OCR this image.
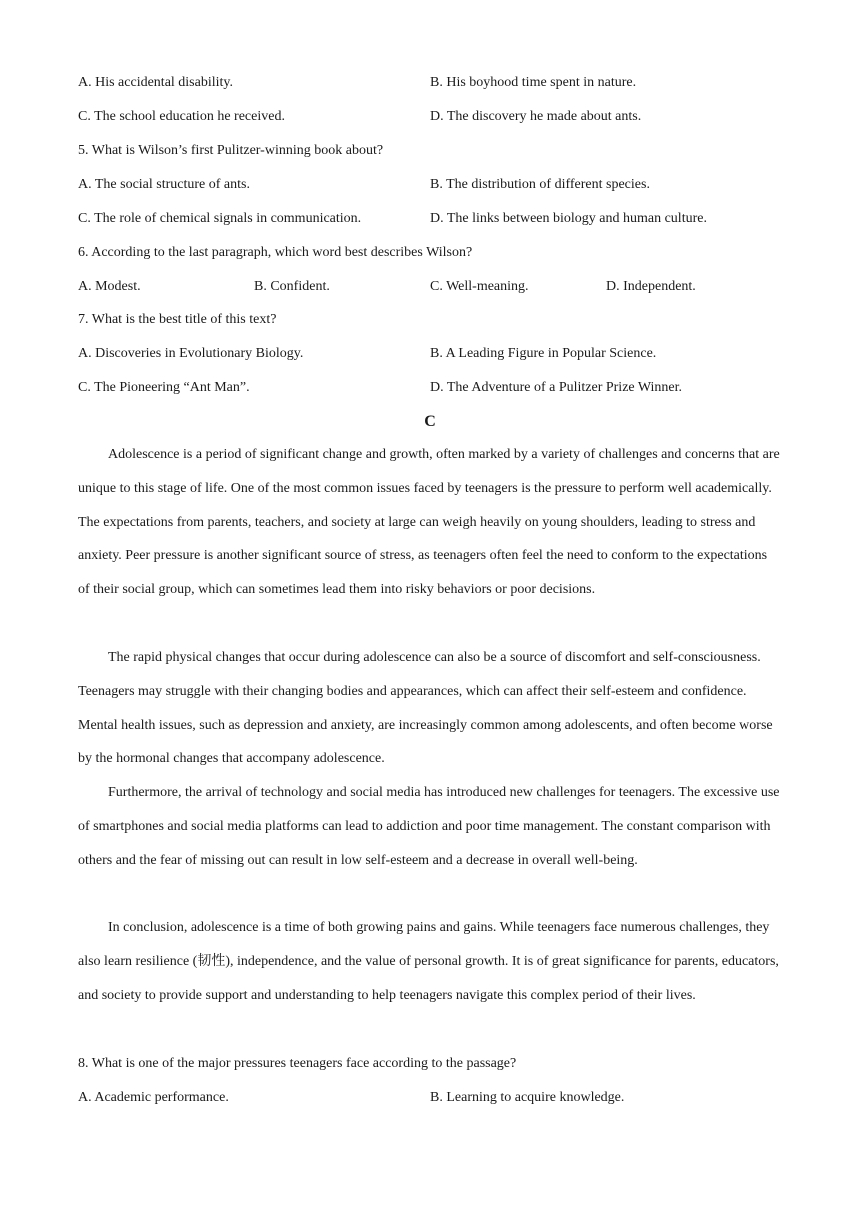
A. His accidental disability.	B. His boyhood time spent in nature.
C. The school education he received.	D. The discovery he made about ants.
5. What is Wilson’s first Pulitzer-winning book about?
A. The social structure of ants.	B. The distribution of different species.
C. The role of chemical signals in communication.	D. The links between biology and human culture.
6. According to the last paragraph, which word best describes Wilson?
A. Modest.	B. Confident.	C. Well-meaning.	D. Independent.
7. What is the best title of this text?
A. Discoveries in Evolutionary Biology.	B. A Leading Figure in Popular Science.
C. The Pioneering “Ant Man”.	D. The Adventure of a Pulitzer Prize Winner.
C

Adolescence is a period of significant change and growth, often marked by a variety of challenges and concerns that are unique to this stage of life. One of the most common issues faced by teenagers is the pressure to perform well academically. The expectations from parents, teachers, and society at large can weigh heavily on young shoulders, leading to stress and anxiety. Peer pressure is another significant source of stress, as teenagers often feel the need to conform to the expectations of their social group, which can sometimes lead them into risky behaviors or poor decisions.

The rapid physical changes that occur during adolescence can also be a source of discomfort and self-consciousness. Teenagers may struggle with their changing bodies and appearances, which can affect their self-esteem and confidence. Mental health issues, such as depression and anxiety, are increasingly common among adolescents, and often become worse by the hormonal changes that accompany adolescence.

Furthermore, the arrival of technology and social media has introduced new challenges for teenagers. The excessive use of smartphones and social media platforms can lead to addiction and poor time management. The constant comparison with others and the fear of missing out can result in low self-esteem and a decrease in overall well-being.

In conclusion, adolescence is a time of both growing pains and gains. While teenagers face numerous challenges, they also learn resilience (韧性), independence, and the value of personal growth. It is of great significance for parents, educators, and society to provide support and understanding to help teenagers navigate this complex period of their lives.

8. What is one of the major pressures teenagers face according to the passage?
A. Academic performance.	B. Learning to acquire knowledge.
